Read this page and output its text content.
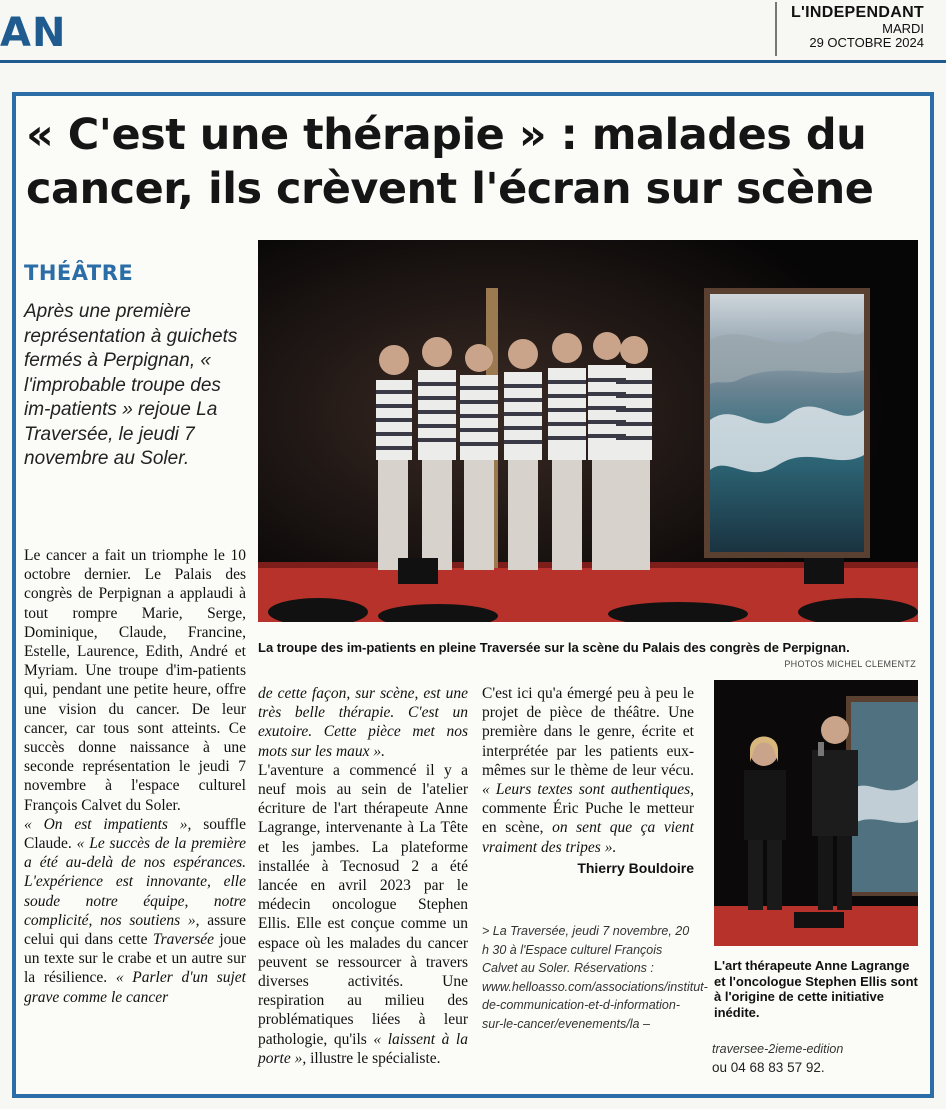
AN	L'INDEPENDANT
MARDI
29 OCTOBRE 2024
« C'est une thérapie » : malades du cancer, ils crèvent l'écran sur scène
THÉÂTRE
Après une première représentation à guichets fermés à Perpignan, « l'improbable troupe des im-patients » rejoue La Traversée, le jeudi 7 novembre au Soler.
La troupe des im-patients en pleine Traversée sur la scène du Palais des congrès de Perpignan.
PHOTOS MICHEL CLEMENTZ

Le cancer a fait un triomphe le 10 octobre dernier. Le Palais des congrès de Perpignan a applaudi à tout rompre Marie, Serge, Dominique, Claude, Francine, Estelle, Laurence, Edith, André et Myriam. Une troupe d'im-patients qui, pendant une petite heure, offre une vision du cancer. De leur cancer, car tous sont atteints. Ce succès donne naissance à une seconde représentation le jeudi 7 novembre à l'espace culturel François Calvet du Soler.

« On est impatients », souffle Claude. « Le succès de la première a été au-delà de nos espérances. L'expérience est innovante, elle soude notre équipe, notre complicité, nos soutiens », assure celui qui dans cette Traversée joue un texte sur le crabe et un autre sur la résilience. « Parler d'un sujet grave comme le cancer

de cette façon, sur scène, est une très belle thérapie. C'est un exutoire. Cette pièce met nos mots sur les maux ».

L'aventure a commencé il y a neuf mois au sein de l'atelier écriture de l'art thérapeute Anne Lagrange, intervenante à La Tête et les jambes. La plateforme installée à Tecnosud 2 a été lancée en avril 2023 par le médecin oncologue Stephen Ellis. Elle est conçue comme un espace où les malades du cancer peuvent se ressourcer à travers diverses activités. Une respiration au milieu des problématiques liées à leur pathologie, qu'ils « laissent à la porte », illustre le spécialiste.

C'est ici qu'a émergé peu à peu le projet de pièce de théâtre. Une première dans le genre, écrite et interprétée par les patients eux-mêmes sur le thème de leur vécu. « Leurs textes sont authentiques, commente Éric Puche le metteur en scène, on sent que ça vient vraiment des tripes ».

Thierry Bouldoire
> La Traversée, jeudi 7 novembre, 20 h 30 à l'Espace culturel François Calvet au Soler. Réservations : www.helloasso.com/associations/institut-de-communication-et-d-information-sur-le-cancer/evenements/la –
traversee-2ieme-edition
ou 04 68 83 57 92.
L'art thérapeute Anne Lagrange et l'oncologue Stephen Ellis sont à l'origine de cette initiative inédite.
